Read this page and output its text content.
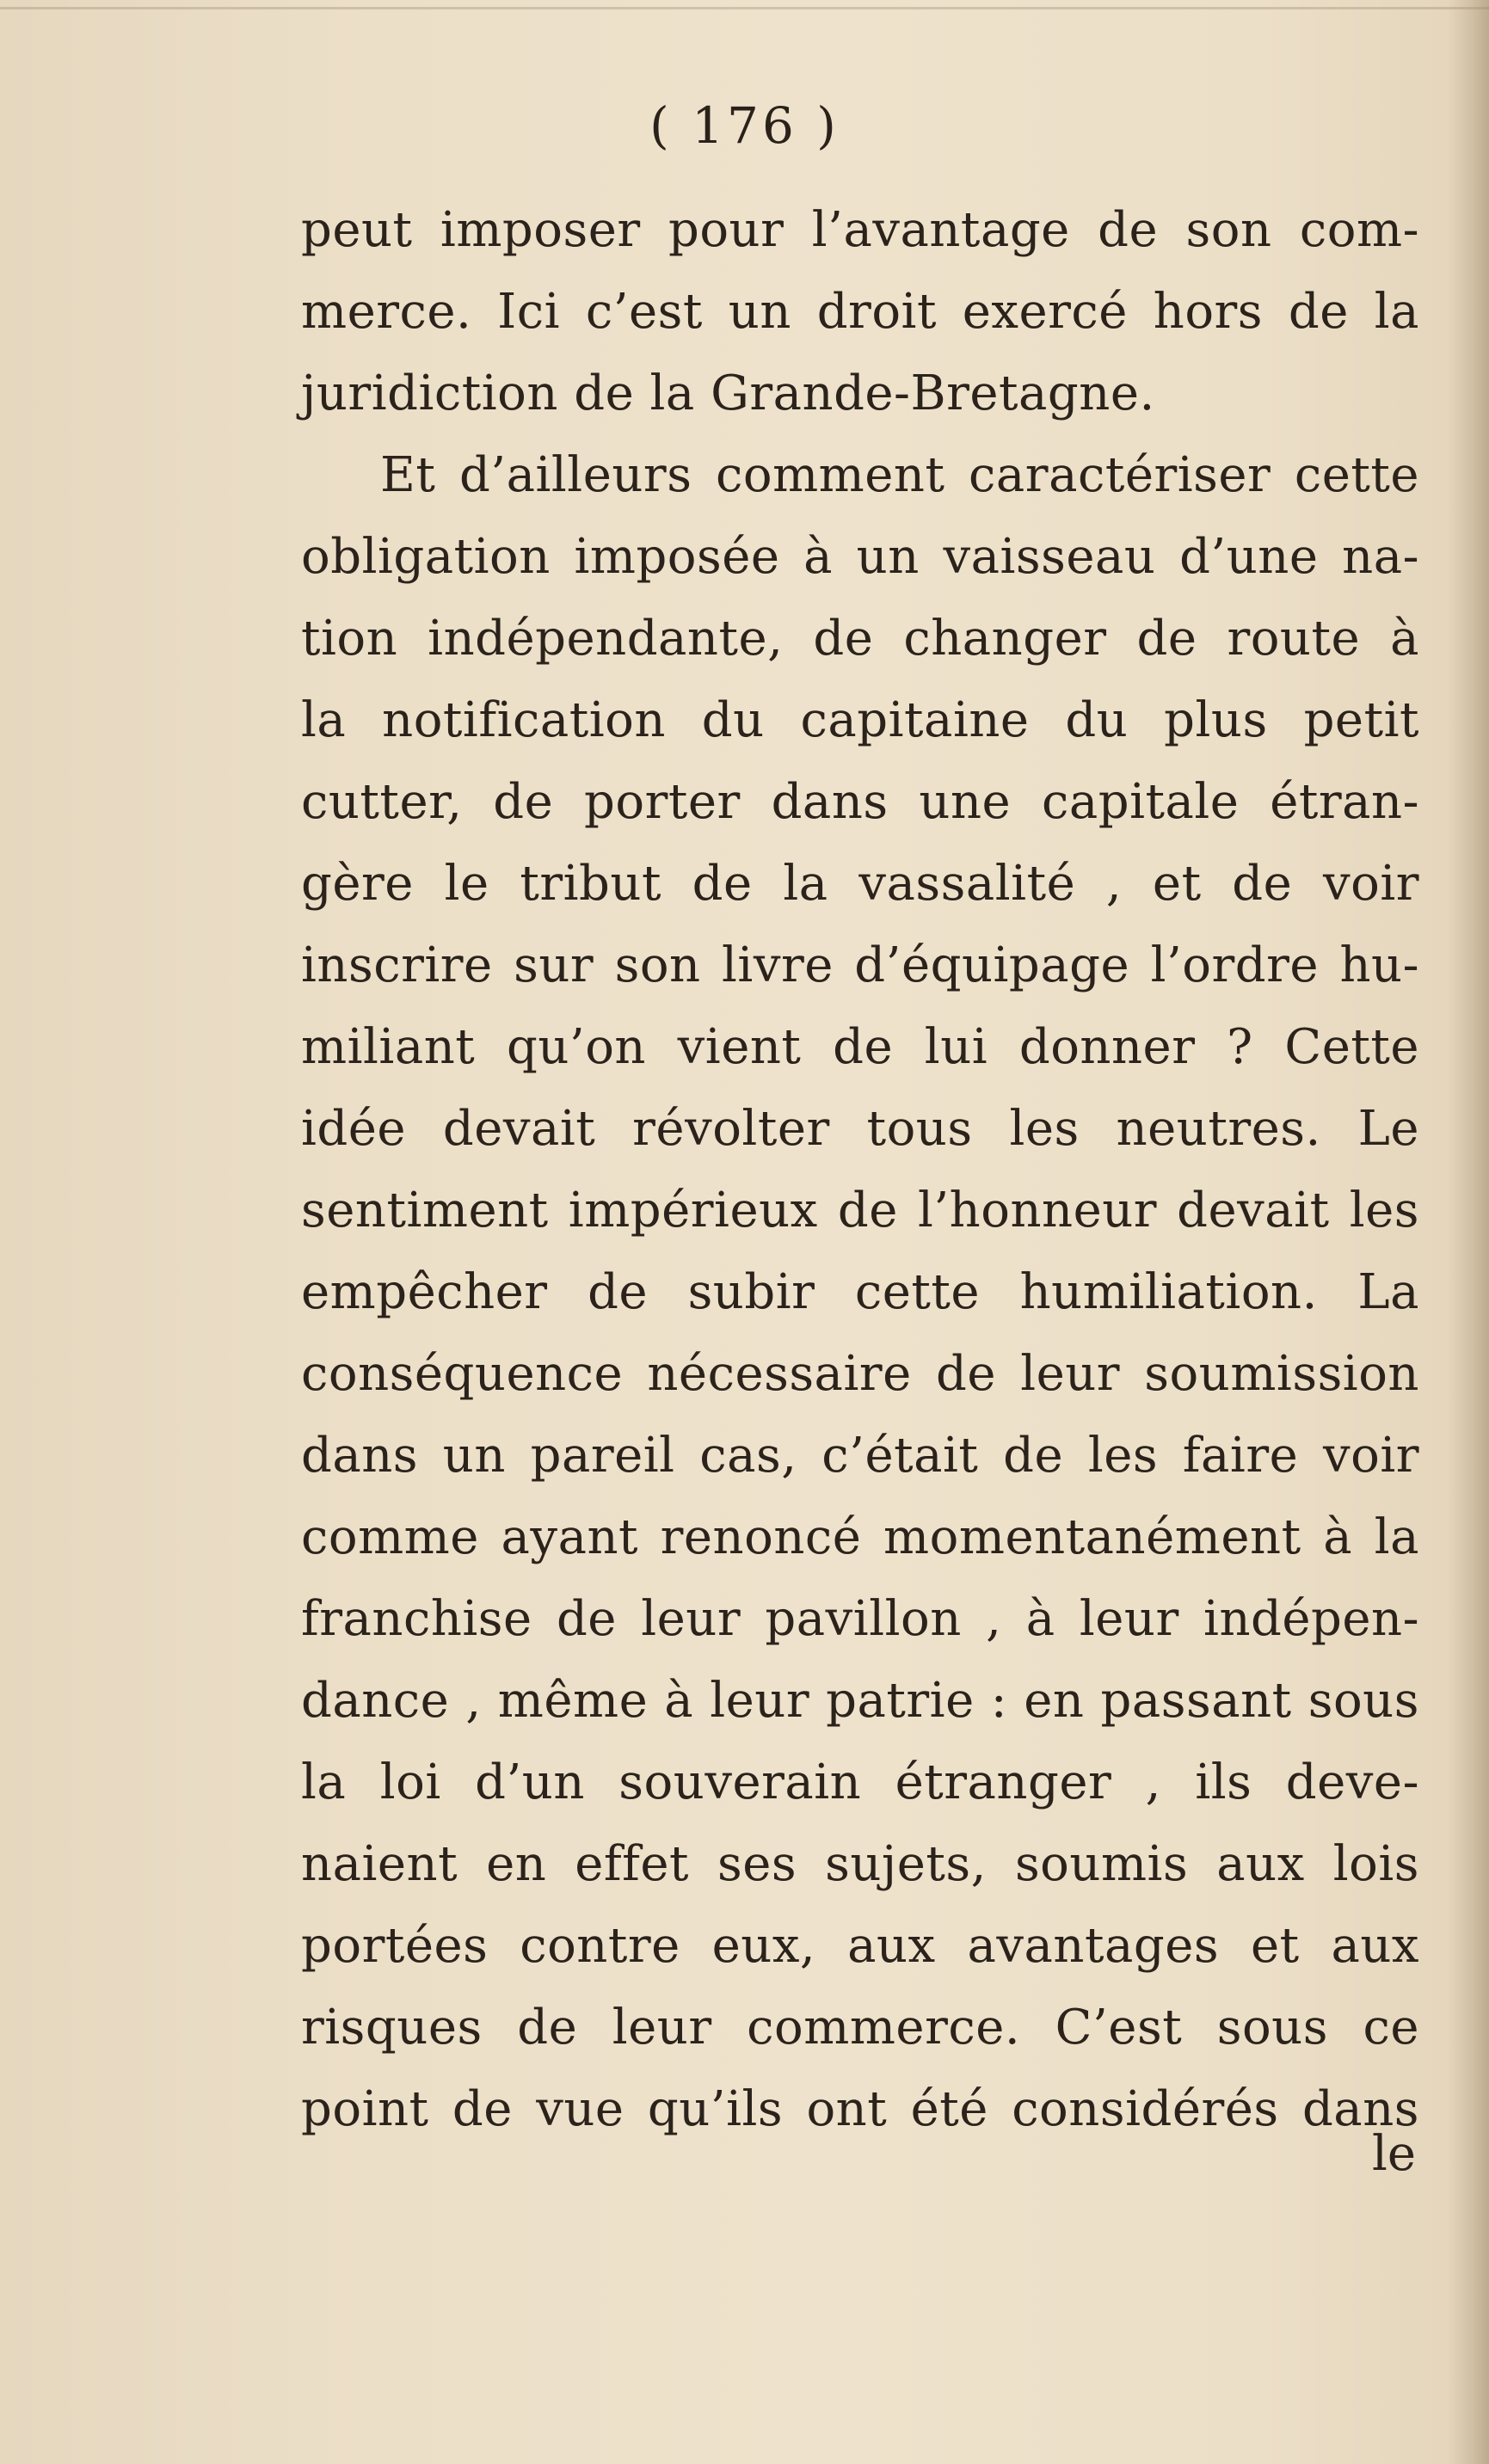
( 176 )
peut imposer pour l’avantage de son com-
merce. Ici c’est un droit exercé hors de la
juridiction de la Grande-Bretagne.
Et d’ailleurs comment caractériser cette
obligation imposée à un vaisseau d’une na-
tion indépendante, de changer de route à
la notification du capitaine du plus petit
cutter, de porter dans une capitale étran-
gère le tribut de la vassalité , et de voir
inscrire sur son livre d’équipage l’ordre hu-
miliant qu’on vient de lui donner ? Cette
idée devait révolter tous les neutres. Le
sentiment impérieux de l’honneur devait les
empêcher de subir cette humiliation. La
conséquence nécessaire de leur soumission
dans un pareil cas, c’était de les faire voir
comme ayant renoncé momentanément à la
franchise de leur pavillon , à leur indépen-
dance , même à leur patrie : en passant sous
la loi d’un souverain étranger , ils deve-
naient en effet ses sujets, soumis aux lois
portées contre eux, aux avantages et aux
risques de leur commerce. C’est sous ce
point de vue qu’ils ont été considérés dans
le
